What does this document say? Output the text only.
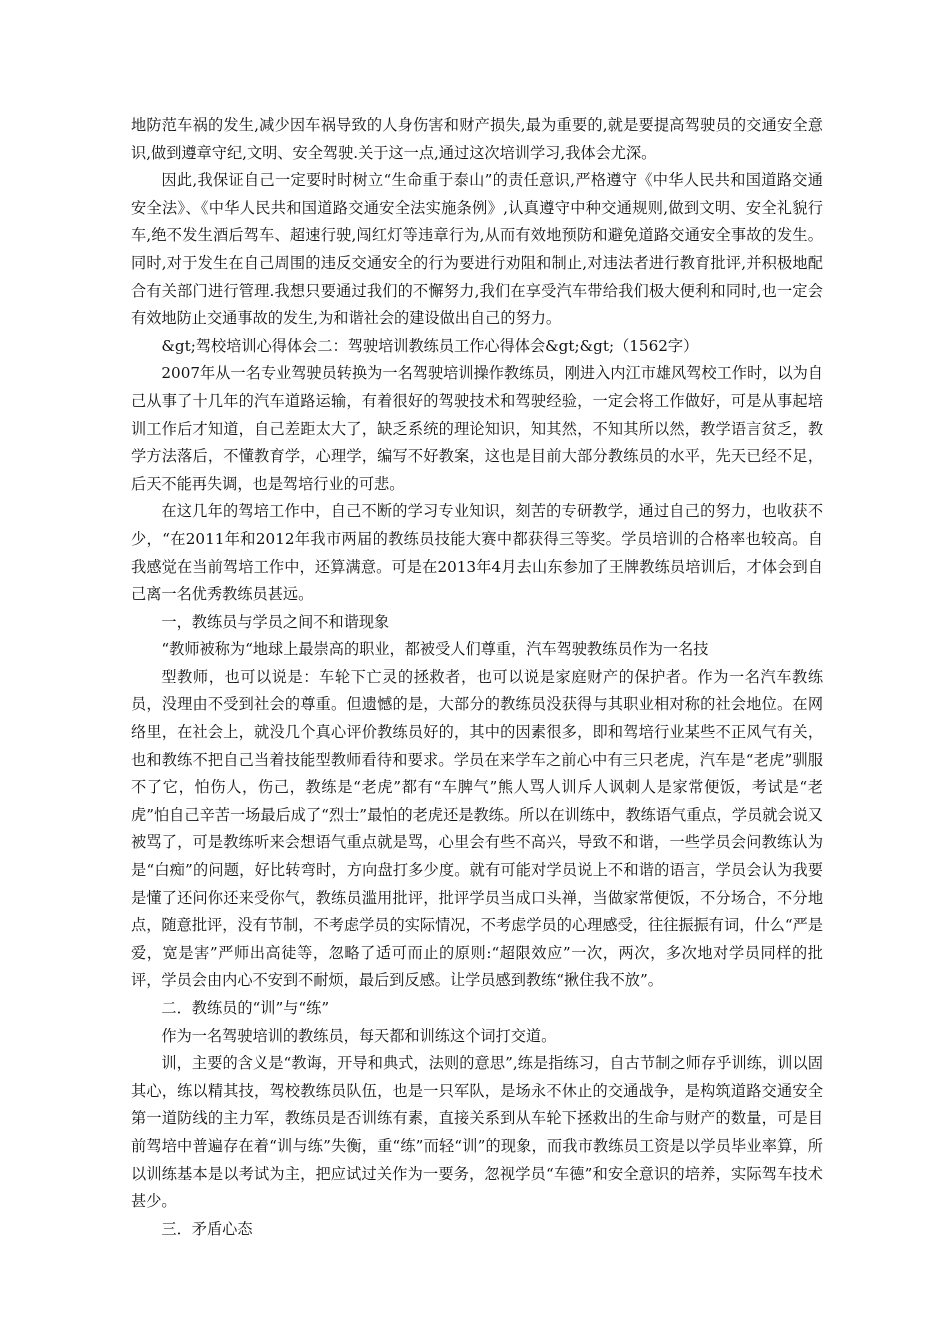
地防范车祸的发生,减少因车祸导致的人身伤害和财产损失,最为重要的,就是要提高驾驶员的交通安全意识,做到遵章守纪,文明、安全驾驶.关于这一点,通过这次培训学习,我体会尤深。

因此,我保证自己一定要时时树立“生命重于泰山”的责任意识,严格遵守《中华人民共和国道路交通安全法》、《中华人民共和国道路交通安全法实施条例》,认真遵守中种交通规则,做到文明、安全礼貌行车,绝不发生酒后驾车、超速行驶,闯红灯等违章行为,从而有效地预防和避免道路交通安全事故的发生。同时,对于发生在自己周围的违反交通安全的行为要进行劝阻和制止,对违法者进行教育批评,并积极地配合有关部门进行管理.我想只要通过我们的不懈努力,我们在享受汽车带给我们极大便利和同时,也一定会有效地防止交通事故的发生,为和谐社会的建设做出自己的努力。

&gt;驾校培训心得体会二：驾驶培训教练员工作心得体会&gt;&gt;（1562字）

2007年从一名专业驾驶员转换为一名驾驶培训操作教练员，刚进入内江市雄风驾校工作时，以为自己从事了十几年的汽车道路运输，有着很好的驾驶技术和驾驶经验，一定会将工作做好，可是从事起培训工作后才知道，自己差距太大了，缺乏系统的理论知识，知其然，不知其所以然，教学语言贫乏，教学方法落后，不懂教育学，心理学，编写不好教案，这也是目前大部分教练员的水平，先天已经不足，后天不能再失调，也是驾培行业的可悲。

在这几年的驾培工作中，自己不断的学习专业知识，刻苦的专研教学，通过自己的努力，也收获不少，“在2011年和2012年我市两届的教练员技能大赛中都获得三等奖。学员培训的合格率也较高。自我感觉在当前驾培工作中，还算满意。可是在2013年4月去山东参加了王牌教练员培训后，才体会到自己离一名优秀教练员甚远。

一，教练员与学员之间不和谐现象

“教师被称为“地球上最崇高的职业，都被受人们尊重，汽车驾驶教练员作为一名技

型教师，也可以说是：车轮下亡灵的拯救者，也可以说是家庭财产的保护者。作为一名汽车教练员，没理由不受到社会的尊重。但遗憾的是，大部分的教练员没获得与其职业相对称的社会地位。在网络里，在社会上，就没几个真心评价教练员好的，其中的因素很多，即和驾培行业某些不正风气有关，也和教练不把自己当着技能型教师看待和要求。学员在来学车之前心中有三只老虎，汽车是“老虎”驯服不了它，怕伤人，伤己，教练是“老虎”都有“车脾气”熊人骂人训斥人讽刺人是家常便饭，考试是“老虎”怕自己辛苦一场最后成了“烈士”最怕的老虎还是教练。所以在训练中，教练语气重点，学员就会说又被骂了，可是教练听来会想语气重点就是骂，心里会有些不高兴，导致不和谐，一些学员会问教练认为是“白痴”的问题，好比转弯时，方向盘打多少度。就有可能对学员说上不和谐的语言，学员会认为我要是懂了还问你还来受你气，教练员滥用批评，批评学员当成口头禅，当做家常便饭，不分场合，不分地点，随意批评，没有节制，不考虑学员的实际情况，不考虑学员的心理感受，往往振振有词，什么“严是爱，宽是害”严师出高徒等，忽略了适可而止的原则:“超限效应”一次，两次，多次地对学员同样的批评，学员会由内心不安到不耐烦，最后到反感。让学员感到教练“揪住我不放”。

二．教练员的“训”与“练”

作为一名驾驶培训的教练员，每天都和训练这个词打交道。

训，主要的含义是“教诲，开导和典式，法则的意思”,练是指练习，自古节制之师存乎训练，训以固其心，练以精其技，驾校教练员队伍，也是一只军队，是场永不休止的交通战争，是构筑道路交通安全第一道防线的主力军，教练员是否训练有素，直接关系到从车轮下拯救出的生命与财产的数量，可是目前驾培中普遍存在着“训与练”失衡，重“练”而轻“训”的现象，而我市教练员工资是以学员毕业率算，所以训练基本是以考试为主，把应试过关作为一要务，忽视学员“车德”和安全意识的培养，实际驾车技术甚少。

三．矛盾心态
